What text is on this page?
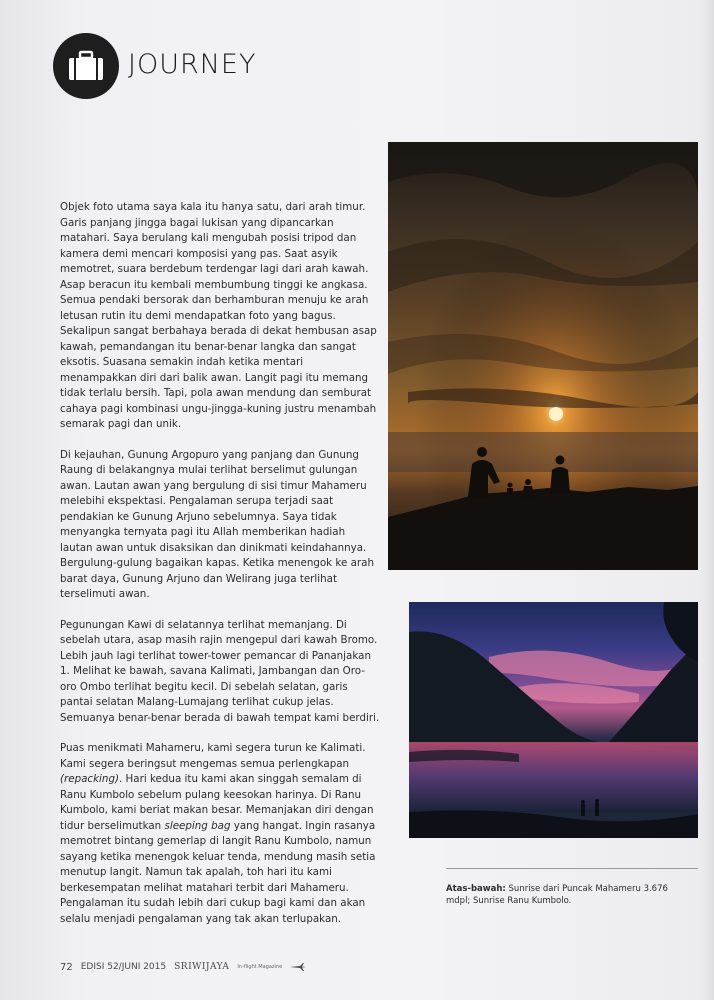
JOURNEY

Objek foto utama saya kala itu hanya satu, dari arah timur. Garis panjang jingga bagai lukisan yang dipancarkan matahari. Saya berulang kali mengubah posisi tripod dan kamera demi mencari komposisi yang pas. Saat asyik memotret, suara berdebum terdengar lagi dari arah kawah. Asap beracun itu kembali membumbung tinggi ke angkasa. Semua pendaki bersorak dan berhamburan menuju ke arah letusan rutin itu demi mendapatkan foto yang bagus. Sekalipun sangat berbahaya berada di dekat hembusan asap kawah, pemandangan itu benar-benar langka dan sangat eksotis. Suasana semakin indah ketika mentari menampakkan diri dari balik awan. Langit pagi itu memang tidak terlalu bersih. Tapi, pola awan mendung dan semburat cahaya pagi kombinasi ungu-jingga-kuning justru menambah semarak pagi dan unik.

Di kejauhan, Gunung Argopuro yang panjang dan Gunung Raung di belakangnya mulai terlihat berselimut gulungan awan. Lautan awan yang bergulung di sisi timur Mahameru melebihi ekspektasi. Pengalaman serupa terjadi saat pendakian ke Gunung Arjuno sebelumnya. Saya tidak menyangka ternyata pagi itu Allah memberikan hadiah lautan awan untuk disaksikan dan dinikmati keindahannya. Bergulung-gulung bagaikan kapas. Ketika menengok ke arah barat daya, Gunung Arjuno dan Welirang juga terlihat terselimuti awan.

Pegunungan Kawi di selatannya terlihat memanjang. Di sebelah utara, asap masih rajin mengepul dari kawah Bromo. Lebih jauh lagi terlihat tower-tower pemancar di Pananjakan 1. Melihat ke bawah, savana Kalimati, Jambangan dan Oro-oro Ombo terlihat begitu kecil. Di sebelah selatan, garis pantai selatan Malang-Lumajang terlihat cukup jelas. Semuanya benar-benar berada di bawah tempat kami berdiri.

Puas menikmati Mahameru, kami segera turun ke Kalimati. Kami segera beringsut mengemas semua perlengkapan (repacking). Hari kedua itu kami akan singgah semalam di Ranu Kumbolo sebelum pulang keesokan harinya. Di Ranu Kumbolo, kami beriat makan besar. Memanjakan diri dengan tidur berselimutkan sleeping bag yang hangat. Ingin rasanya memotret bintang gemerlap di langit Ranu Kumbolo, namun sayang ketika menengok keluar tenda, mendung masih setia menutup langit. Namun tak apalah, toh hari itu kami berkesempatan melihat matahari terbit dari Mahameru. Pengalaman itu sudah lebih dari cukup bagi kami dan akan selalu menjadi pengalaman yang tak akan terlupakan.

Atas-bawah: Sunrise dari Puncak Mahameru 3.676 mdpl; Sunrise Ranu Kumbolo.
72 EDISI 52/JUNI 2015 SRIWIJAYA In-flight Magazine
